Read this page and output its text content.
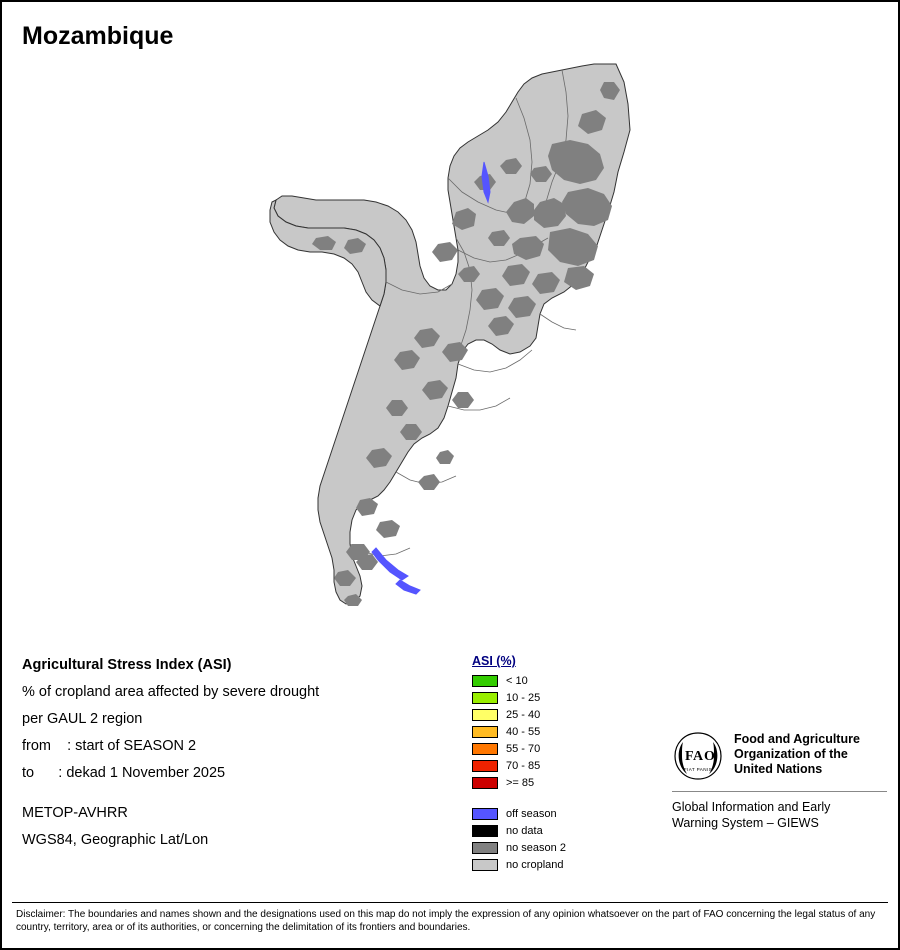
Mozambique
Agricultural Stress Index (ASI)
% of cropland area affected by severe drought
per GAUL 2 region
from    : start of SEASON 2
to      : dekad 1 November 2025
METOP-AVHRR
WGS84, Geographic Lat/Lon
ASI (%)
< 10
10 - 25
25 - 40
40 - 55
55 - 70
70 - 85
>= 85
off season
no data
no season 2
no cropland
F A O
FIAT PANIS
Food and Agriculture
Organization of the
United Nations
Global Information and Early
Warning System – GIEWS
Disclaimer: The boundaries and names shown and the designations used on this map do not imply the expression of any opinion whatsoever on the part of FAO concerning the legal status of any country, territory, area or of its authorities, or concerning the delimitation of its frontiers and boundaries.
